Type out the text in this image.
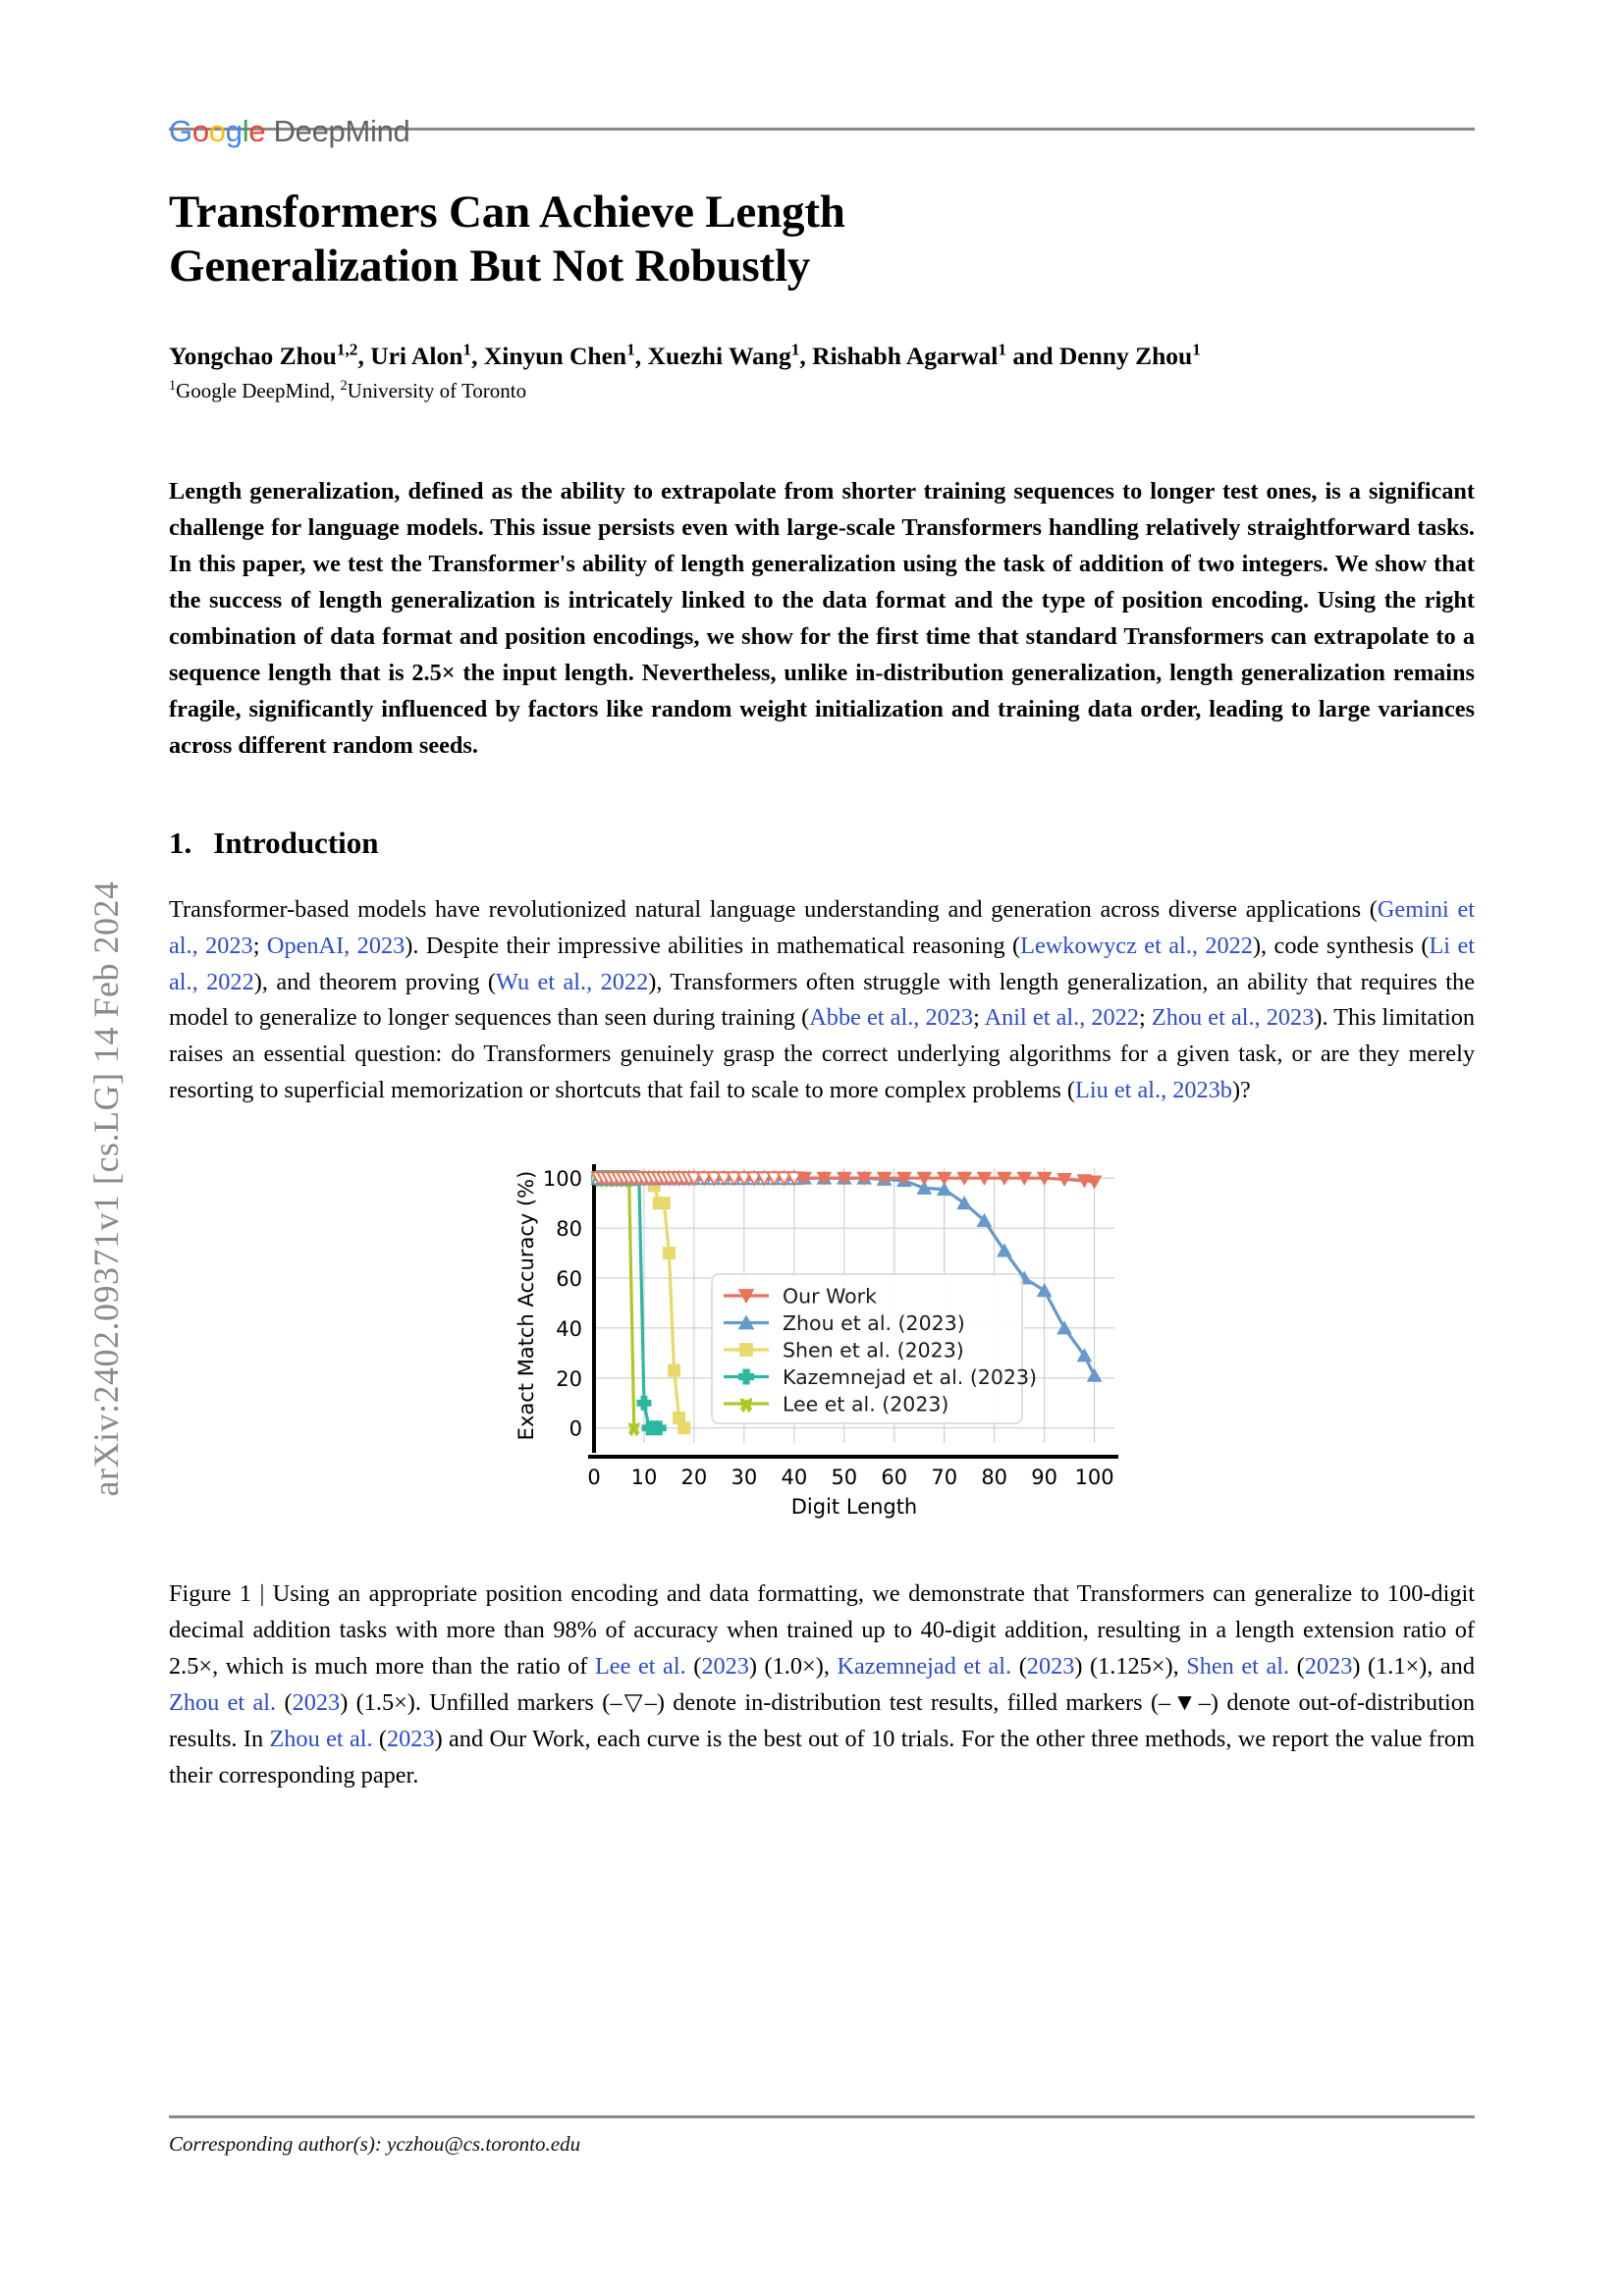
arXiv:2402.09371v1 [cs.LG] 14 Feb 2024
Google DeepMind
Transformers Can Achieve Length
Generalization But Not Robustly
Yongchao Zhou$^{1,2}$, Uri Alon$^1$, Xinyun Chen$^1$, Xuezhi Wang$^1$, Rishabh Agarwal$^1$ and Denny Zhou$^1$
$^1$Google DeepMind, $^2$University of Toronto
Length generalization, defined as the ability to extrapolate from shorter training sequences to longer test ones, is a significant challenge for language models. This issue persists even with large-scale Transformers handling relatively straightforward tasks. In this paper, we test the Transformer's ability of length generalization using the task of addition of two integers. We show that the success of length generalization is intricately linked to the data format and the type of position encoding. Using the right combination of data format and position encodings, we show for the first time that standard Transformers can extrapolate to a sequence length that is 2.5× the input length. Nevertheless, unlike in-distribution generalization, length generalization remains fragile, significantly influenced by factors like random weight initialization and training data order, leading to large variances across different random seeds.
1. Introduction
Transformer-based models have revolutionized natural language understanding and generation across diverse applications (Gemini et al., 2023; OpenAI, 2023). Despite their impressive abilities in mathematical reasoning (Lewkowycz et al., 2022), code synthesis (Li et al., 2022), and theorem proving (Wu et al., 2022), Transformers often struggle with length generalization, an ability that requires the model to generalize to longer sequences than seen during training (Abbe et al., 2023; Anil et al., 2022; Zhou et al., 2023). This limitation raises an essential question: do Transformers genuinely grasp the correct underlying algorithms for a given task, or are they merely resorting to superficial memorization or shortcuts that fail to scale to more complex problems (Liu et al., 2023b)?
0
20
40
60
80
100
0 10 20 30 40 50 60 70 80 90 100
Digit Length
Exact Match Accuracy (%)	Our Work
Zhou et al. (2023)
Shen et al. (2023)
Kazemnejad et al. (2023)
Lee et al. (2023)
Figure 1 | Using an appropriate position encoding and data formatting, we demonstrate that Transformers can generalize to 100-digit decimal addition tasks with more than 98% of accuracy when trained up to 40-digit addition, resulting in a length extension ratio of 2.5×, which is much more than the ratio of Lee et al. (2023) (1.0×), Kazemnejad et al. (2023) (1.125×), Shen et al. (2023) (1.1×), and Zhou et al. (2023) (1.5×). Unfilled markers (–▽–) denote in-distribution test results, filled markers (–▼–) denote out-of-distribution results. In Zhou et al. (2023) and Our Work, each curve is the best out of 10 trials. For the other three methods, we report the value from their corresponding paper.
Corresponding author(s): yczhou@cs.toronto.edu
